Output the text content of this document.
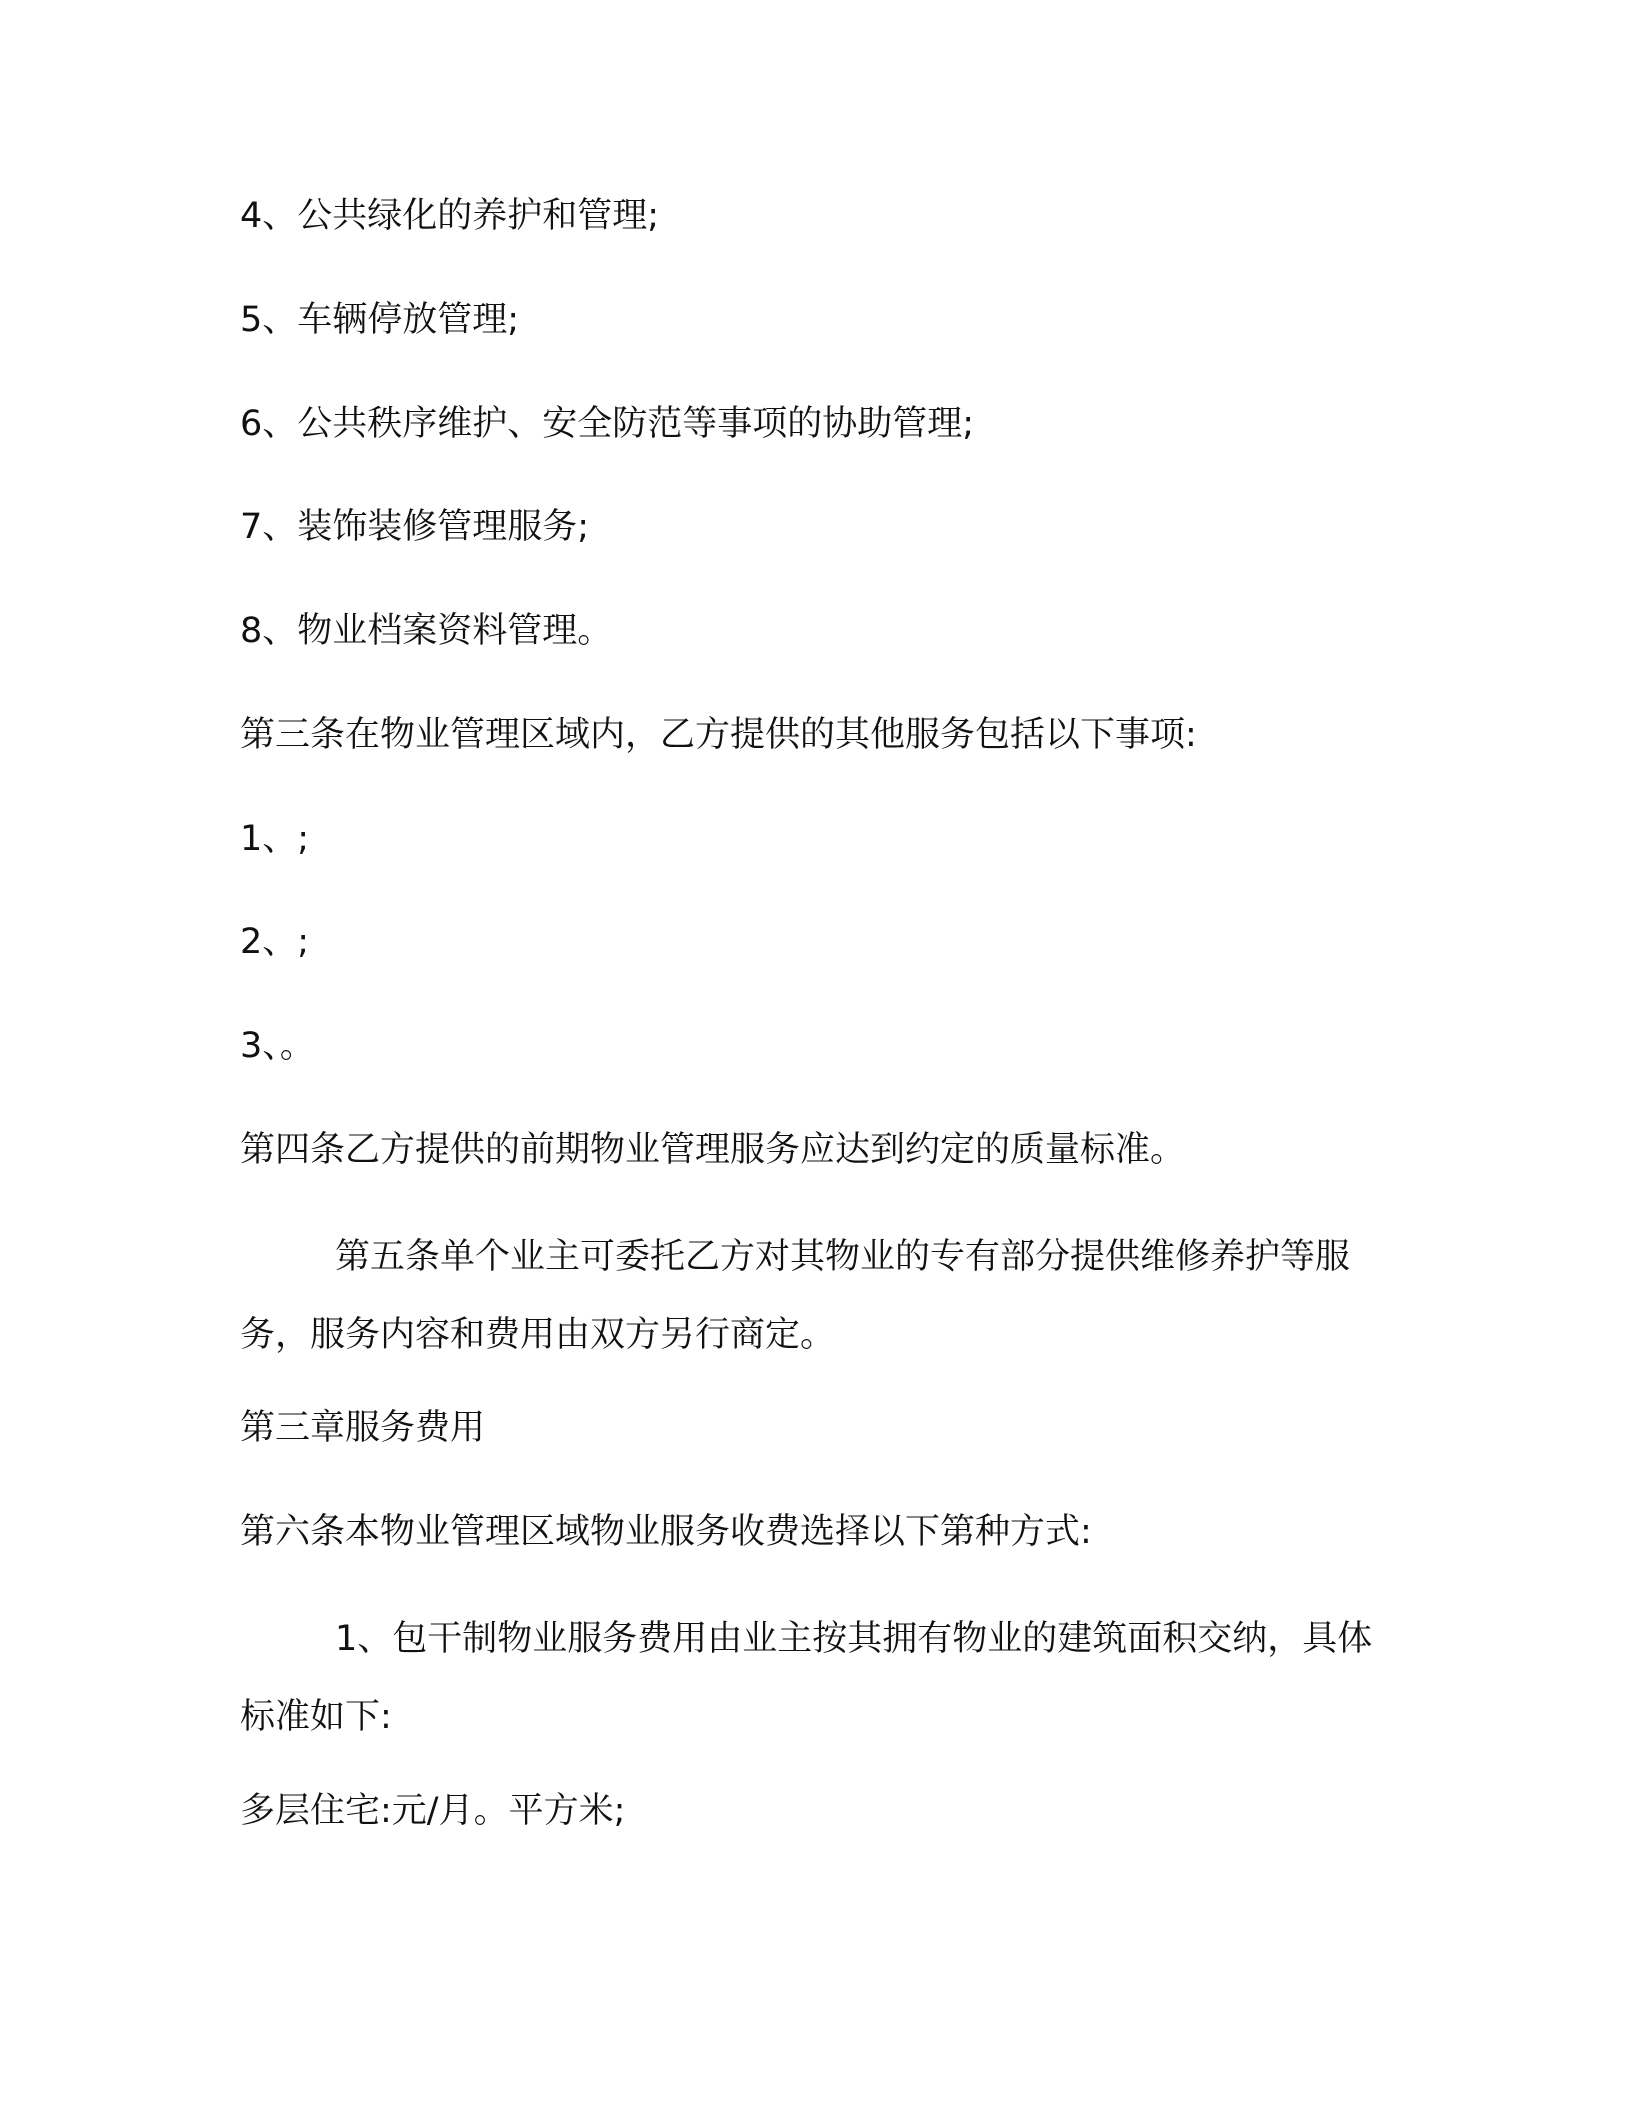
4、公共绿化的养护和管理;

5、车辆停放管理;

6、公共秩序维护、安全防范等事项的协助管理;

7、装饰装修管理服务;

8、物业档案资料管理。

第三条在物业管理区域内，乙方提供的其他服务包括以下事项:

1、;

2、;

3、。

第四条乙方提供的前期物业管理服务应达到约定的质量标准。

第五条单个业主可委托乙方对其物业的专有部分提供维修养护等服务，服务内容和费用由双方另行商定。

第三章服务费用

第六条本物业管理区域物业服务收费选择以下第种方式:

1、包干制物业服务费用由业主按其拥有物业的建筑面积交纳，具体标准如下:

多层住宅:元/月。平方米;
